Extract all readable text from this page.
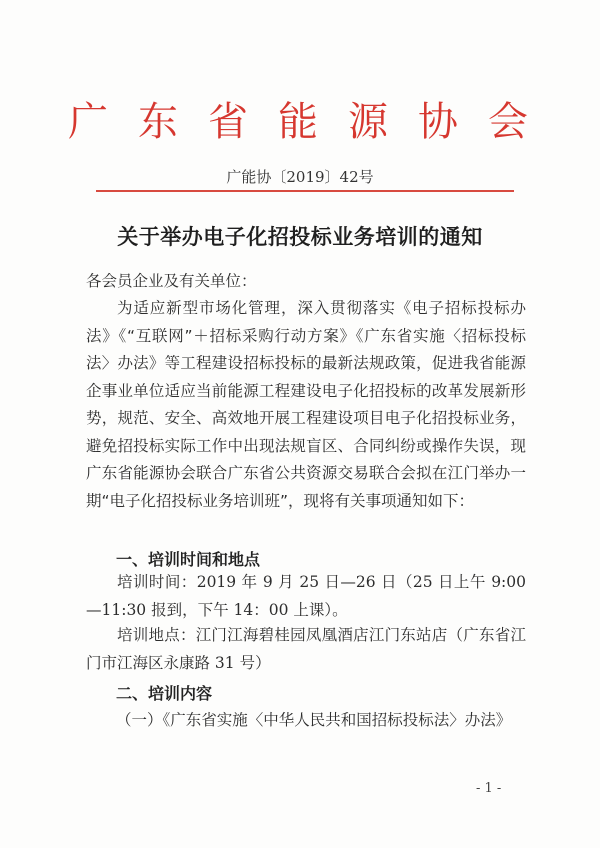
广东省能源协会
广能协〔2019〕42号
关于举办电子化招投标业务培训的通知
各会员企业及有关单位：
为适应新型市场化管理，深入贯彻落实《电子招标投标办法》《“互联网”＋招标采购行动方案》《广东省实施〈招标投标法〉办法》等工程建设招标投标的最新法规政策，促进我省能源企事业单位适应当前能源工程建设电子化招投标的改革发展新形势，规范、安全、高效地开展工程建设项目电子化招投标业务，避免招投标实际工作中出现法规盲区、合同纠纷或操作失误，现广东省能源协会联合广东省公共资源交易联合会拟在江门举办一期“电子化招投标业务培训班”，现将有关事项通知如下：
一、培训时间和地点
培训时间：2019 年 9 月 25 日—26 日（25 日上午 9:00—11:30 报到，下午 14：00 上课）。
培训地点：江门江海碧桂园凤凰酒店江门东站店（广东省江门市江海区永康路 31 号）
二、培训内容
（一）《广东省实施〈中华人民共和国招标投标法〉办法》
- 1 -
